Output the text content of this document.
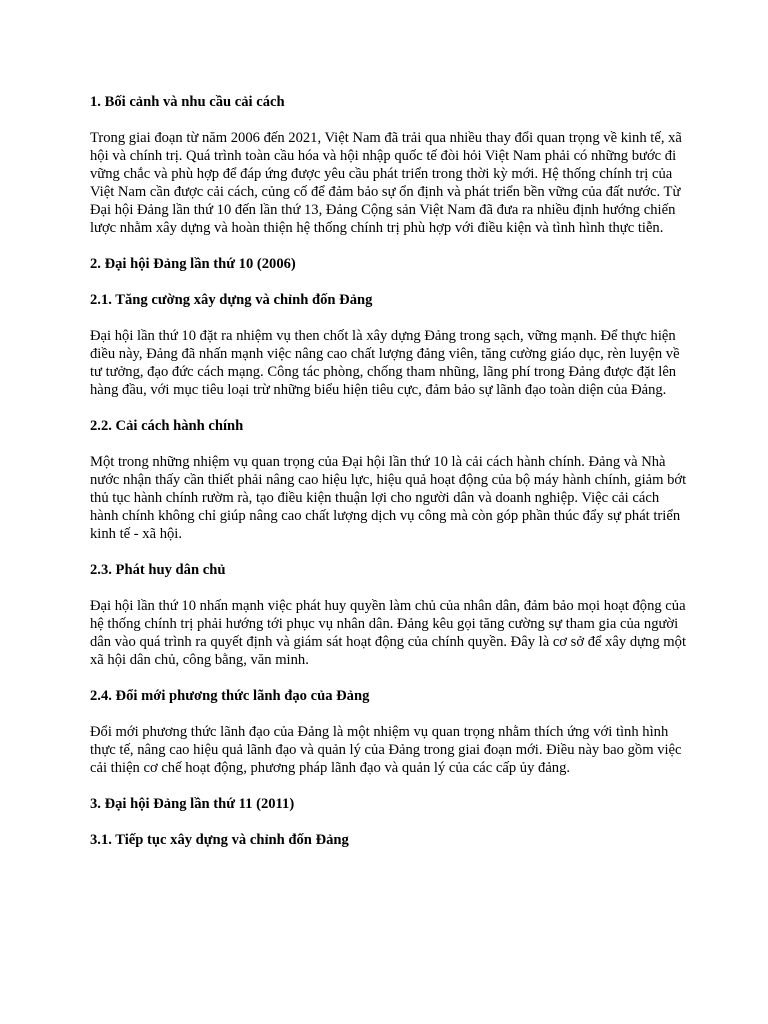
1. Bối cảnh và nhu cầu cải cách

Trong giai đoạn từ năm 2006 đến 2021, Việt Nam đã trải qua nhiều thay đổi quan trọng về kinh tế, xã hội và chính trị. Quá trình toàn cầu hóa và hội nhập quốc tế đòi hỏi Việt Nam phải có những bước đi vững chắc và phù hợp để đáp ứng được yêu cầu phát triển trong thời kỳ mới. Hệ thống chính trị của Việt Nam cần được cải cách, củng cố để đảm bảo sự ổn định và phát triển bền vững của đất nước. Từ Đại hội Đảng lần thứ 10 đến lần thứ 13, Đảng Cộng sản Việt Nam đã đưa ra nhiều định hướng chiến lược nhằm xây dựng và hoàn thiện hệ thống chính trị phù hợp với điều kiện và tình hình thực tiễn.

2. Đại hội Đảng lần thứ 10 (2006)
2.1. Tăng cường xây dựng và chỉnh đốn Đảng

Đại hội lần thứ 10 đặt ra nhiệm vụ then chốt là xây dựng Đảng trong sạch, vững mạnh. Để thực hiện điều này, Đảng đã nhấn mạnh việc nâng cao chất lượng đảng viên, tăng cường giáo dục, rèn luyện về tư tưởng, đạo đức cách mạng. Công tác phòng, chống tham nhũng, lãng phí trong Đảng được đặt lên hàng đầu, với mục tiêu loại trừ những biểu hiện tiêu cực, đảm bảo sự lãnh đạo toàn diện của Đảng.

2.2. Cải cách hành chính

Một trong những nhiệm vụ quan trọng của Đại hội lần thứ 10 là cải cách hành chính. Đảng và Nhà nước nhận thấy cần thiết phải nâng cao hiệu lực, hiệu quả hoạt động của bộ máy hành chính, giảm bớt thủ tục hành chính rườm rà, tạo điều kiện thuận lợi cho người dân và doanh nghiệp. Việc cải cách hành chính không chỉ giúp nâng cao chất lượng dịch vụ công mà còn góp phần thúc đẩy sự phát triển kinh tế - xã hội.

2.3. Phát huy dân chủ

Đại hội lần thứ 10 nhấn mạnh việc phát huy quyền làm chủ của nhân dân, đảm bảo mọi hoạt động của hệ thống chính trị phải hướng tới phục vụ nhân dân. Đảng kêu gọi tăng cường sự tham gia của người dân vào quá trình ra quyết định và giám sát hoạt động của chính quyền. Đây là cơ sở để xây dựng một xã hội dân chủ, công bằng, văn minh.

2.4. Đổi mới phương thức lãnh đạo của Đảng

Đổi mới phương thức lãnh đạo của Đảng là một nhiệm vụ quan trọng nhằm thích ứng với tình hình thực tế, nâng cao hiệu quả lãnh đạo và quản lý của Đảng trong giai đoạn mới. Điều này bao gồm việc cải thiện cơ chế hoạt động, phương pháp lãnh đạo và quản lý của các cấp ủy đảng.

3. Đại hội Đảng lần thứ 11 (2011)
3.1. Tiếp tục xây dựng và chỉnh đốn Đảng
